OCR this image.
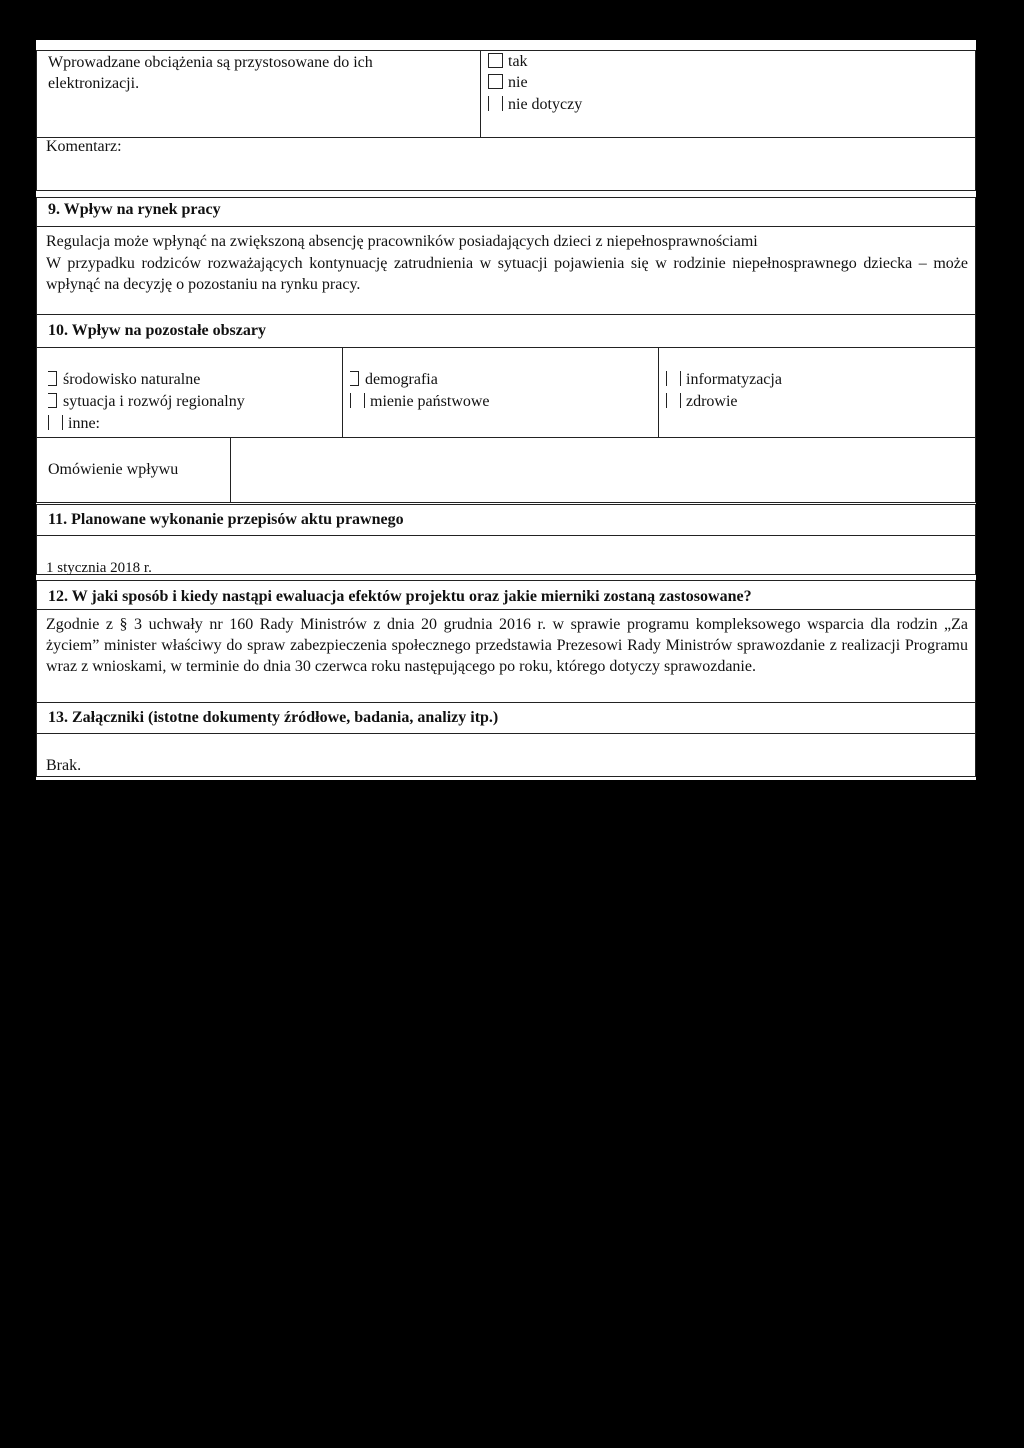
Wprowadzane obciążenia są przystosowane do ich elektronizacji.
tak
nie
nie dotyczy
Komentarz:
9. Wpływ na rynek pracy
Regulacja może wpłynąć na zwiększoną absencję pracowników posiadających dzieci z niepełnosprawnościami
W przypadku rodziców rozważających kontynuację zatrudnienia w sytuacji pojawienia się w rodzinie niepełnosprawnego dziecka – może wpłynąć na decyzję o pozostaniu na rynku pracy.
10. Wpływ na pozostałe obszary
środowisko naturalne
sytuacja i rozwój regionalny
inne:
demografia
mienie państwowe
informatyzacja
zdrowie
Omówienie wpływu
11. Planowane wykonanie przepisów aktu prawnego
1 stycznia 2018 r.
12. W jaki sposób i kiedy nastąpi ewaluacja efektów projektu oraz jakie mierniki zostaną zastosowane?
Zgodnie z § 3 uchwały nr 160 Rady Ministrów z dnia 20 grudnia 2016 r. w sprawie programu kompleksowego wsparcia dla rodzin „Za życiem” minister właściwy do spraw zabezpieczenia społecznego przedstawia Prezesowi Rady Ministrów sprawozdanie z realizacji Programu wraz z wnioskami, w terminie do dnia 30 czerwca roku następującego po roku, którego dotyczy sprawozdanie.
13. Załączniki (istotne dokumenty źródłowe, badania, analizy itp.)
Brak.
